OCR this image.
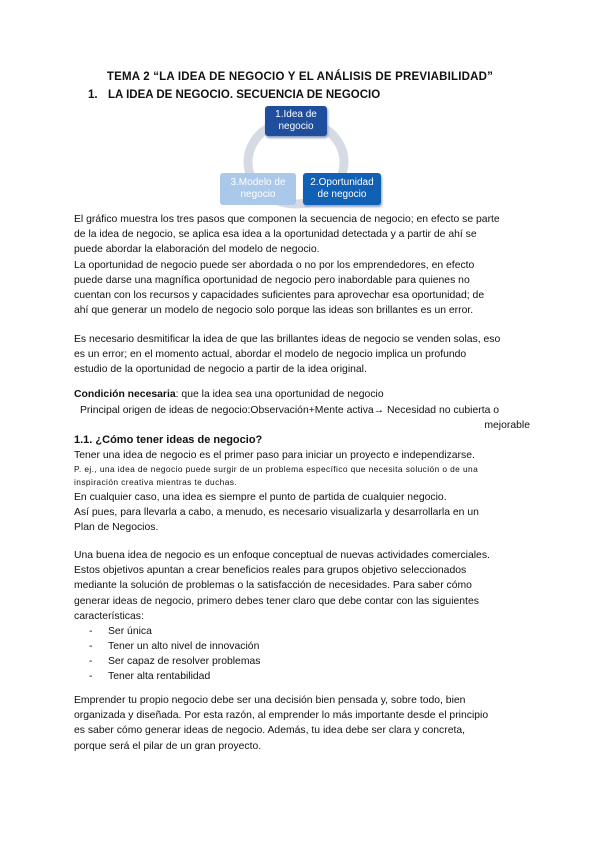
TEMA 2 “LA IDEA DE NEGOCIO Y EL ANÁLISIS DE PREVIABILIDAD”
1. LA IDEA DE NEGOCIO. SECUENCIA DE NEGOCIO
1.Idea de
negocio
2.Oportunidad
de negocio
3.Modelo de
negocio
El gráfico muestra los tres pasos que componen la secuencia de negocio; en efecto se parte
de la idea de negocio, se aplica esa idea a la oportunidad detectada y a partir de ahí se
puede abordar la elaboración del modelo de negocio.
La oportunidad de negocio puede ser abordada o no por los emprendedores, en efecto
puede darse una magnífica oportunidad de negocio pero inabordable para quienes no
cuentan con los recursos y capacidades suficientes para aprovechar esa oportunidad; de
ahí que generar un modelo de negocio solo porque las ideas son brillantes es un error.
Es necesario desmitificar la idea de que las brillantes ideas de negocio se venden solas, eso
es un error; en el momento actual, abordar el modelo de negocio implica un profundo
estudio de la oportunidad de negocio a partir de la idea original.
Condición necesaria: que la idea sea una oportunidad de negocio
Principal origen de ideas de negocio:Observación+Mente activa→ Necesidad no cubierta o
mejorable
1.1. ¿Cómo tener ideas de negocio?
Tener una idea de negocio es el primer paso para iniciar un proyecto e independizarse.
P. ej., una idea de negocio puede surgir de un problema específico que necesita solución o de una
inspiración creativa mientras te duchas.
En cualquier caso, una idea es siempre el punto de partida de cualquier negocio.
Así pues, para llevarla a cabo, a menudo, es necesario visualizarla y desarrollarla en un
Plan de Negocios.
Una buena idea de negocio es un enfoque conceptual de nuevas actividades comerciales.
Estos objetivos apuntan a crear beneficios reales para grupos objetivo seleccionados
mediante la solución de problemas o la satisfacción de necesidades. Para saber cómo
generar ideas de negocio, primero debes tener claro que debe contar con las siguientes
características:
- Ser única
- Tener un alto nivel de innovación
- Ser capaz de resolver problemas
- Tener alta rentabilidad
Emprender tu propio negocio debe ser una decisión bien pensada y, sobre todo, bien
organizada y diseñada. Por esta razón, al emprender lo más importante desde el principio
es saber cómo generar ideas de negocio. Además, tu idea debe ser clara y concreta,
porque será el pilar de un gran proyecto.
